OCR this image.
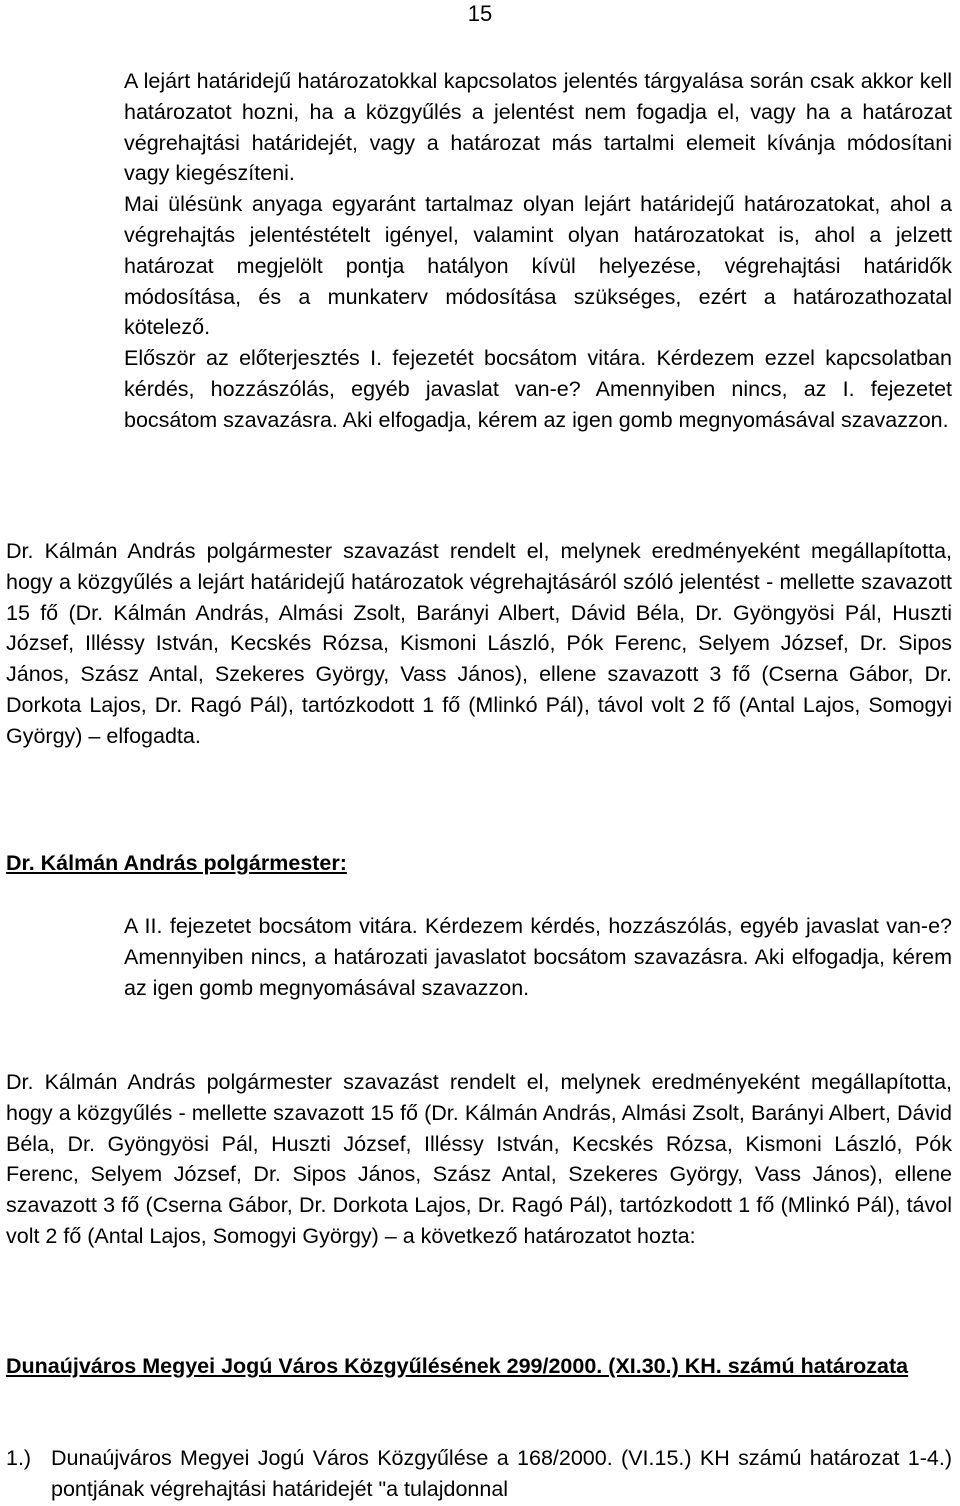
15

A lejárt határidejű határozatokkal kapcsolatos jelentés tárgyalása során csak akkor kell határozatot hozni, ha a közgyűlés a jelentést nem fogadja el, vagy ha a határozat végrehajtási határidejét, vagy a határozat más tartalmi elemeit kívánja módosítani vagy kiegészíteni.

Mai ülésünk anyaga egyaránt tartalmaz olyan lejárt határidejű határozatokat, ahol a végrehajtás jelentéstételt igényel, valamint olyan határozatokat is, ahol a jelzett határozat megjelölt pontja hatályon kívül helyezése, végrehajtási határidők módosítása, és a munkaterv módosítása szükséges, ezért a határozathozatal kötelező.

Először az előterjesztés I. fejezetét bocsátom vitára. Kérdezem ezzel kapcsolatban kérdés, hozzászólás, egyéb javaslat van-e? Amennyiben nincs, az I. fejezetet bocsátom szavazásra. Aki elfogadja, kérem az igen gomb megnyomásával szavazzon.

Dr. Kálmán András polgármester szavazást rendelt el, melynek eredményeként megállapította, hogy a közgyűlés a lejárt határidejű határozatok végrehajtásáról szóló jelentést - mellette szavazott 15 fő (Dr. Kálmán András, Almási Zsolt, Barányi Albert, Dávid Béla, Dr. Gyöngyösi Pál, Huszti József, Illéssy István, Kecskés Rózsa, Kismoni László, Pók Ferenc, Selyem József, Dr. Sipos János, Szász Antal, Szekeres György, Vass János), ellene szavazott 3 fő (Cserna Gábor, Dr. Dorkota Lajos, Dr. Ragó Pál), tartózkodott 1 fő (Mlinkó Pál), távol volt 2 fő (Antal Lajos, Somogyi György) – elfogadta.

Dr. Kálmán András polgármester:

A II. fejezetet bocsátom vitára. Kérdezem kérdés, hozzászólás, egyéb javaslat van-e? Amennyiben nincs, a határozati javaslatot bocsátom szavazásra. Aki elfogadja, kérem az igen gomb megnyomásával szavazzon.

Dr. Kálmán András polgármester szavazást rendelt el, melynek eredményeként megállapította, hogy a közgyűlés - mellette szavazott 15 fő (Dr. Kálmán András, Almási Zsolt, Barányi Albert, Dávid Béla, Dr. Gyöngyösi Pál, Huszti József, Illéssy István, Kecskés Rózsa, Kismoni László, Pók Ferenc, Selyem József, Dr. Sipos János, Szász Antal, Szekeres György, Vass János), ellene szavazott 3 fő (Cserna Gábor, Dr. Dorkota Lajos, Dr. Ragó Pál), tartózkodott 1 fő (Mlinkó Pál), távol volt 2 fő (Antal Lajos, Somogyi György) – a következő határozatot hozta:

Dunaújváros Megyei Jogú Város Közgyűlésének 299/2000. (XI.30.) KH. számú határozata

1.) Dunaújváros Megyei Jogú Város Közgyűlése a 168/2000. (VI.15.) KH számú határozat 1-4.) pontjának végrehajtási határidejét "a tulajdonnal
